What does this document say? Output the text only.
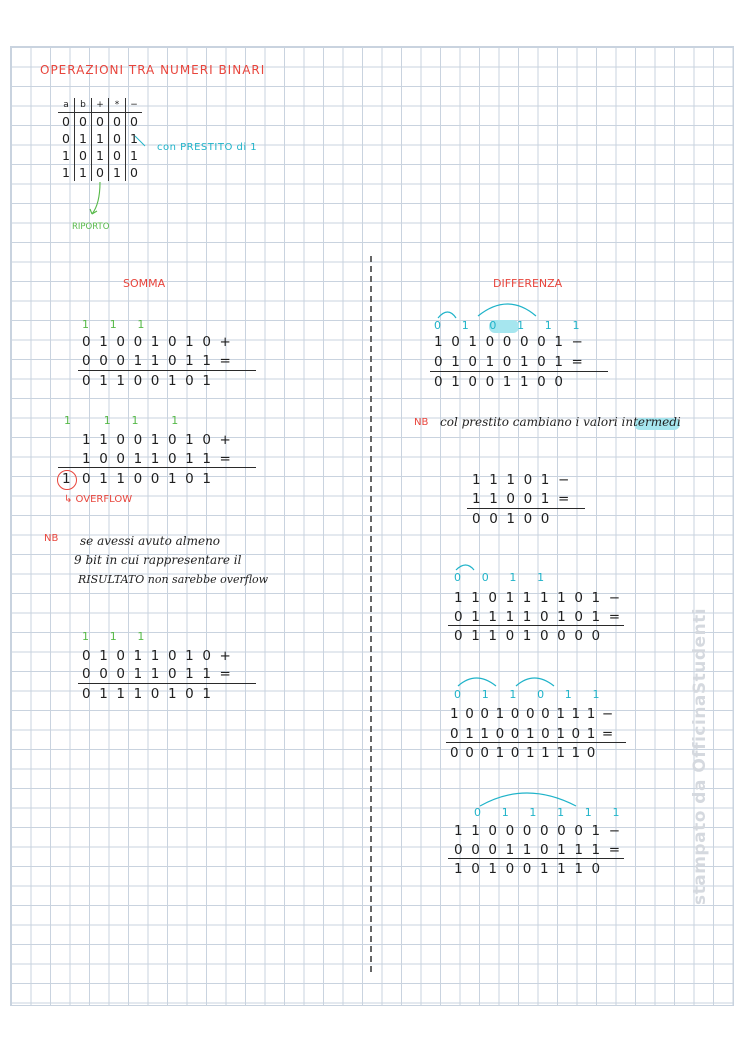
OPERAZIONI TRA NUMERI BINARI
a	b	+	*	−
0	0	0	0	0
0	1	1	0	1
1	0	1	0	1
1	1	0	1	0
con PRESTITO di 1
RIPORTO
SOMMA
1 1 1
01001010+
00011011=
01100101
1  1 1  1
11001010+
10011011=
1 01100101
↳ OVERFLOW
NB se avessi avuto almeno
9 bit in cui rappresentare il
RISULTATO non sarebbe overflow
1 1 1
01011010+
00011011=
01110101
DIFFERENZA
0 1 0 1 1 1
10100001−
01010101=
01001100
NB col prestito cambiano i valori intermedi
11101−
11001=
00100
0 0 1 1
110111101−
011110101=
011010000
0 1 1 0 1 1
1001000111−
0110010101=
0001011110
0 1 1 1 1 1
110000001−
000110111=
101001110	stampato da OfficinaStudenti
